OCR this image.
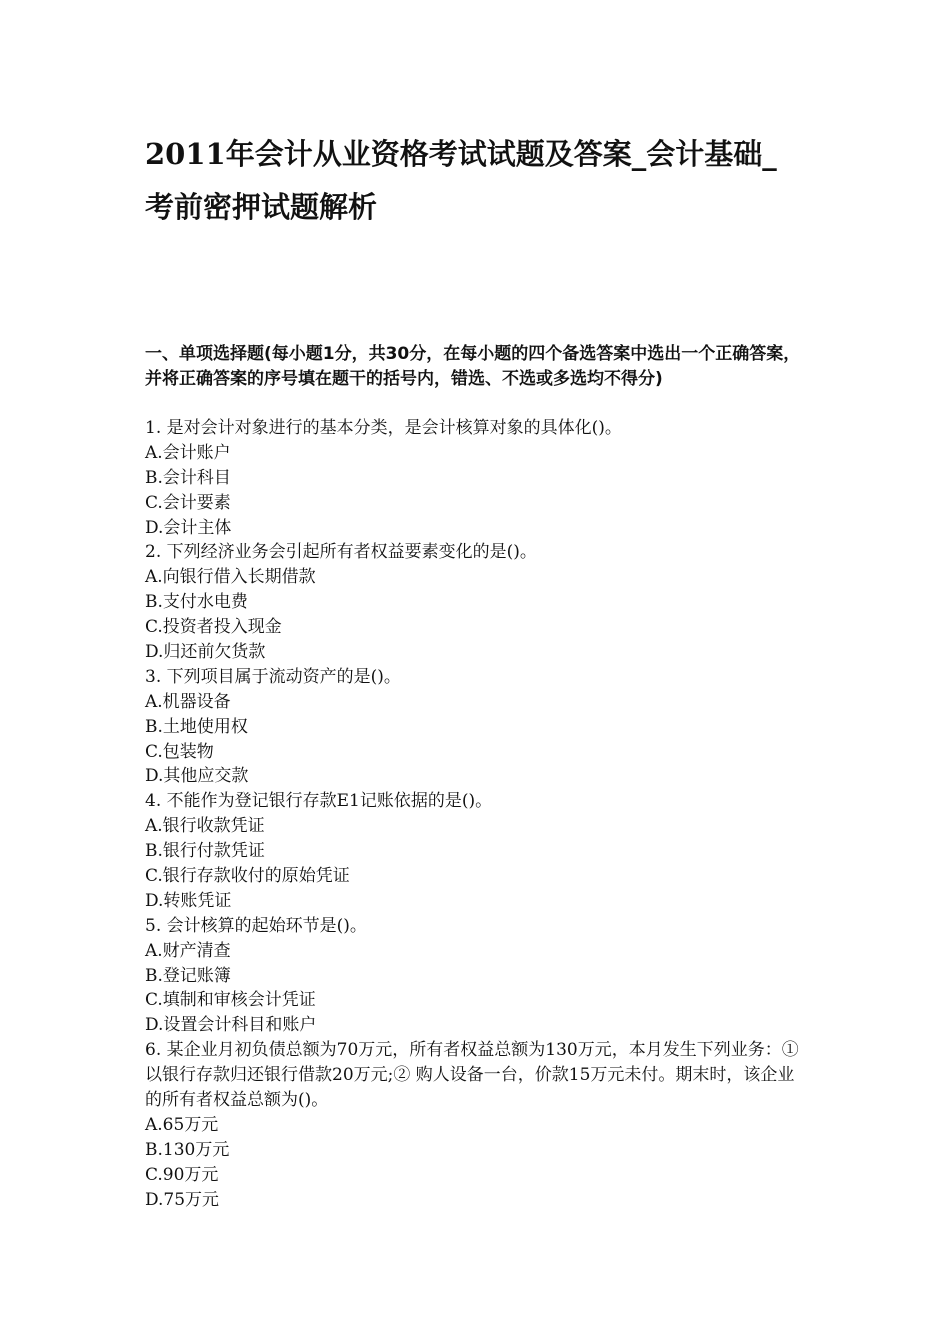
2011年会计从业资格考试试题及答案_会计基础_考前密押试题解析

一、单项选择题(每小题1分，共30分，在每小题的四个备选答案中选出一个正确答案，并将正确答案的序号填在题干的括号内，错选、不选或多选均不得分)

1. 是对会计对象进行的基本分类，是会计核算对象的具体化()。
A.会计账户
B.会计科目
C.会计要素
D.会计主体
2. 下列经济业务会引起所有者权益要素变化的是()。
A.向银行借入长期借款
B.支付水电费
C.投资者投入现金
D.归还前欠货款
3. 下列项目属于流动资产的是()。
A.机器设备
B.土地使用权
C.包装物
D.其他应交款
4. 不能作为登记银行存款E1记账依据的是()。
A.银行收款凭证
B.银行付款凭证
C.银行存款收付的原始凭证
D.转账凭证
5. 会计核算的起始环节是()。
A.财产清查
B.登记账簿
C.填制和审核会计凭证
D.设置会计科目和账户
6. 某企业月初负债总额为70万元，所有者权益总额为130万元，本月发生下列业务：①以银行存款归还银行借款20万元;② 购人设备一台，价款15万元未付。期末时，该企业的所有者权益总额为()。
A.65万元
B.130万元
C.90万元
D.75万元
